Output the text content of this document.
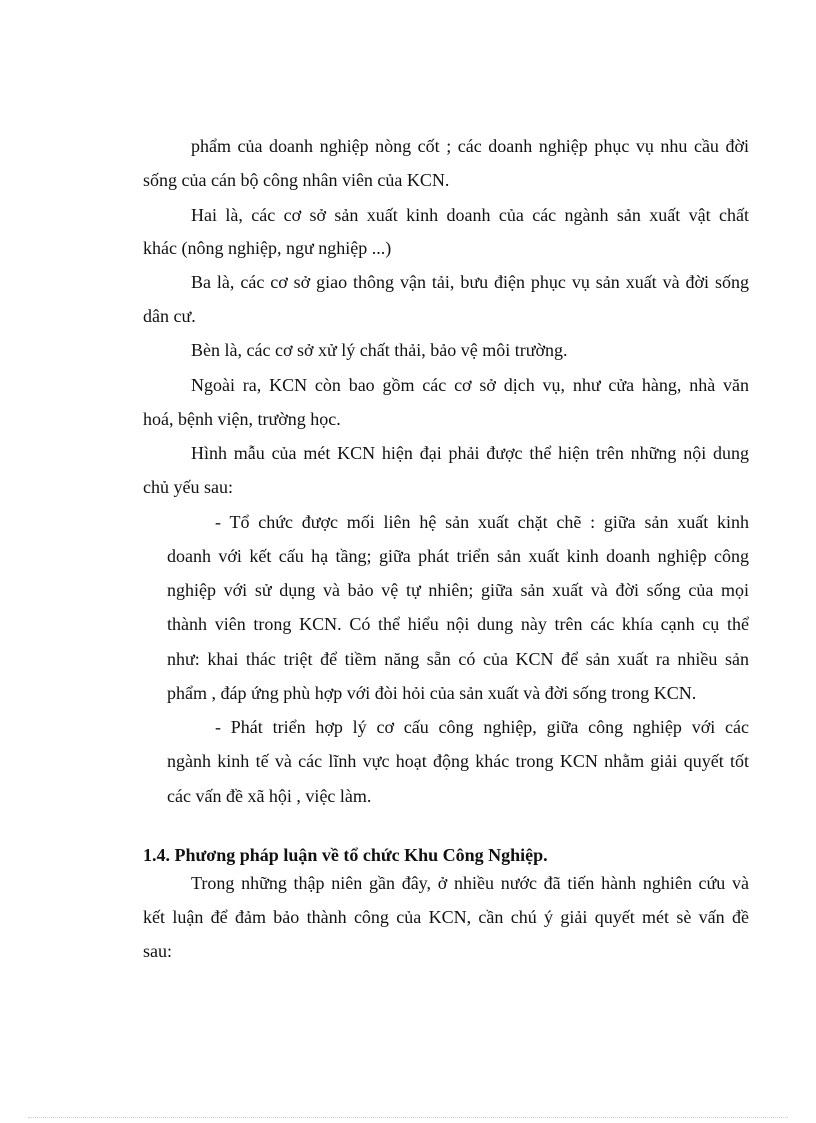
phẩm của doanh nghiệp nòng cốt ; các doanh nghiệp phục vụ nhu cầu đời
sống của cán bộ công nhân viên của KCN.
Hai là, các cơ sở sản xuất kinh doanh của các ngành sản xuất vật chất
khác (nông nghiệp, ngư nghiệp ...)
Ba là, các cơ sở giao thông vận tải, bưu điện phục vụ sản xuất và đời sống
dân cư.
Bèn là, các cơ sở xử lý chất thải, bảo vệ môi trường.
Ngoài ra, KCN còn bao gồm các cơ sở dịch vụ, như cửa hàng, nhà văn
hoá, bệnh viện, trường học.
Hình mẫu của mét KCN hiện đại phải được thể hiện trên những nội dung
chủ yếu sau:
- Tổ chức được mối liên hệ sản xuất chặt chẽ : giữa sản xuất kinh
doanh với kết cấu hạ tầng; giữa phát triển sản xuất kinh doanh nghiệp công
nghiệp với sử dụng và bảo vệ tự nhiên; giữa sản xuất và đời sống của mọi
thành viên trong KCN. Có thể hiểu nội dung này trên các khía cạnh cụ thể
như: khai thác triệt để tiềm năng sẵn có của KCN để sản xuất ra nhiều sản
phẩm , đáp ứng phù hợp với đòi hỏi của sản xuất và đời sống trong KCN.
- Phát triển hợp lý cơ cấu công nghiệp, giữa công nghiệp với các
ngành kinh tế và các lĩnh vực hoạt động khác trong KCN nhằm giải quyết tốt
các vấn đề xã hội , việc làm.
1.4. Phương pháp luận về tổ chức Khu Công Nghiệp.
Trong những thập niên gần đây, ở nhiều nước đã tiến hành nghiên cứu và
kết luận để đảm bảo thành công của KCN, cần chú ý giải quyết mét sè vấn đề
sau:
